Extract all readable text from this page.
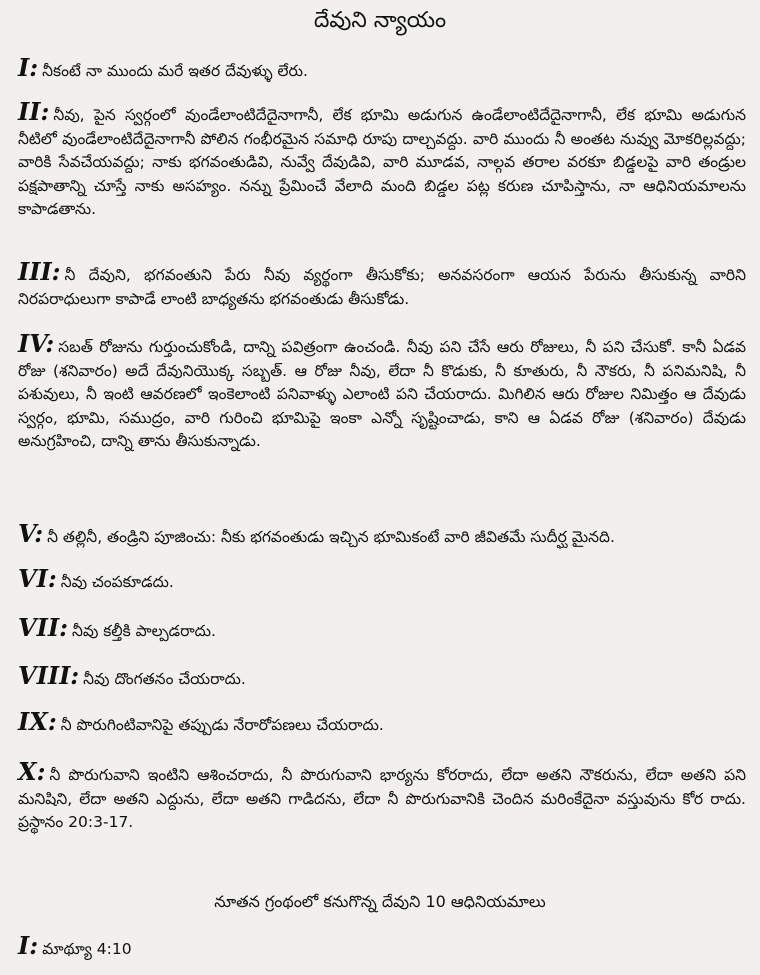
దేవుని న్యాయం
I: నీకంటే నా ముందు మరే ఇతర దేవుళ్ళు లేరు.
II: నీవు, పైన స్వర్గంలో వుండేలాంటిదేదైనాగానీ, లేక భూమి అడుగున ఉండేలాంటిదేదైనాగానీ, లేక భూమి అడుగున నీటిలో వుండేలాంటిదేదైనాగానీ పోలిన గంభీరమైన సమాధి రూపు దాల్చవద్దు. వారి ముందు నీ అంతట నువ్వు మోకరిల్లవద్దు; వారికి సేవచేయవద్దు; నాకు భగవంతుడివి, నువ్వే దేవుడివి, వారి మూడవ, నాల్గవ తరాల వరకూ బిడ్డలపై వారి తండ్రుల పక్షపాతాన్ని చూస్తే నాకు అసహ్యం. నన్ను ప్రేమించే వేలాది మంది బిడ్డల పట్ల కరుణ చూపిస్తాను, నా ఆధినియమాలను కాపాడతాను.
III: నీ దేవుని, భగవంతుని పేరు నీవు వ్యర్థంగా తీసుకోకు; అనవసరంగా ఆయన పేరును తీసుకున్న వారిని నిరపరాధులుగా కాపాడే లాంటి బాధ్యతను భగవంతుడు తీసుకోడు.
IV: సబత్ రోజును గుర్తుంచుకోండి, దాన్ని పవిత్రంగా ఉంచండి. నీవు పని చేసే ఆరు రోజులు, నీ పని చేసుకో. కానీ ఏడవ రోజు (శనివారం) అదే దేవునియొక్క సబ్బత్. ఆ రోజు నీవు, లేదా నీ కొడుకు, నీ కూతురు, నీ నౌకరు, నీ పనిమనిషి, నీ పశువులు, నీ ఇంటి ఆవరణలో ఇంకెలాంటి పనివాళ్ళు ఎలాంటి పని చేయరాదు. మిగిలిన ఆరు రోజుల నిమిత్తం ఆ దేవుడు స్వర్గం, భూమి, సముద్రం, వారి గురించి భూమిపై ఇంకా ఎన్నో సృష్టించాడు, కాని ఆ ఏడవ రోజు (శనివారం) దేవుడు అనుగ్రహించి, దాన్ని తాను తీసుకున్నాడు.
V: నీ తల్లినీ, తండ్రిని పూజించు: నీకు భగవంతుడు ఇచ్చిన భూమికంటే వారి జీవితమే సుదీర్ఘ మైనది.
VI: నీవు చంపకూడదు.
VII: నీవు కల్తీకి పాల్పడరాదు.
VIII: నీవు దొంగతనం చేయరాదు.
IX: నీ పొరుగింటివానిపై తప్పుడు నేరారోపణలు చేయరాదు.
X: నీ పొరుగువాని ఇంటిని ఆశించరాదు, నీ పొరుగువాని భార్యను కోరరాదు, లేదా అతని నౌకరును, లేదా అతని పని మనిషిని, లేదా అతని ఎద్దును, లేదా అతని గాడిదను, లేదా నీ పొరుగువానికి చెందిన మరింకేదైనా వస్తువును కోర రాదు. ప్రస్థానం 20:3-17.
నూతన గ్రంథంలో కనుగొన్న దేవుని 10 ఆధినియమాలు
I: మాథ్యూ 4:10
